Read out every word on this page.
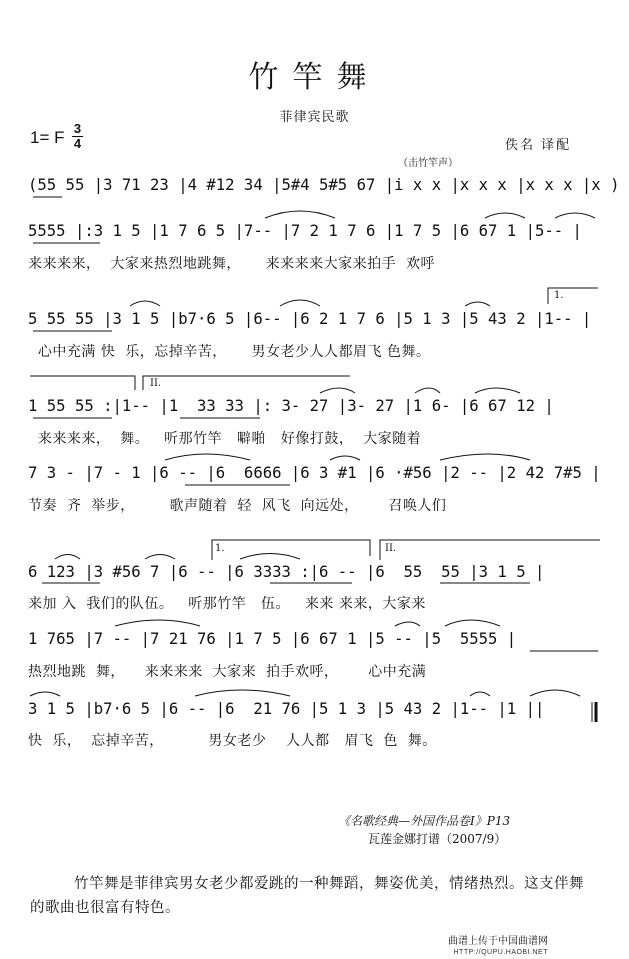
竹竿舞
菲律宾民歌
1= F 3
4	佚名 译配
（击竹竿声）
(55 55 |3 71 23 |4 #12 34 |5#4 5#5 67 |i x x |x x x |x x x |x )
5555 |:3 1 5 |1 7 6 5 |7-- |7 2 1 7 6 |1 7 5 |6 67 1 |5-- |
来来来来，  大家来热烈地跳舞，     来来来来大家来拍手  欢呼
5 55 55 |3 1 5 |b7·6 5 |6-- |6 2 1 7 6 |5 1 3 |5 43 2 |1-- |
心中充满 快  乐，忘掉辛苦，     男女老少人人都眉飞 色舞。
1 55 55 :|1-- |1  33 33 |: 3- 27 |3- 27 |1 6- |6 67 12 |
来来来来，  舞。   听那竹竿   噼啪   好像打鼓，  大家随着
7 3 - |7 - 1 |6 -- |6  6666 |6 3 #1 |6 ·#56 |2 -- |2 42 7#5 |
节奏  齐  举步，       歌声随着  轻  风飞  向远处，      召唤人们
6 123 |3 #56 7 |6 -- |6 3333 :|6 -- |6  55  55 |3 1 5 |
来加 入  我们的队伍。   听那竹竿   伍。   来来 来来，大家来
1 765 |7 -- |7 21 76 |1 7 5 |6 67 1 |5 -- |5  5555 |
热烈地跳  舞，    来来来来  大家来  拍手欢呼，      心中充满
3 1 5 |b7·6 5 |6 -- |6  21 76 |5 1 3 |5 43 2 |1-- |1 ||
快  乐，  忘掉辛苦，         男女老少    人人都   眉飞  色  舞。
1.
II.
1.	II.
《名歌经典—外国作品卷Ⅰ》P13
瓦莲金娜打谱（2007/9）
竹竿舞是菲律宾男女老少都爱跳的一种舞蹈，舞姿优美，情绪热烈。这支伴舞的歌曲也很富有特色。
曲谱上传于中国曲谱网
HTTP://QUPU.HAOBI.NET
